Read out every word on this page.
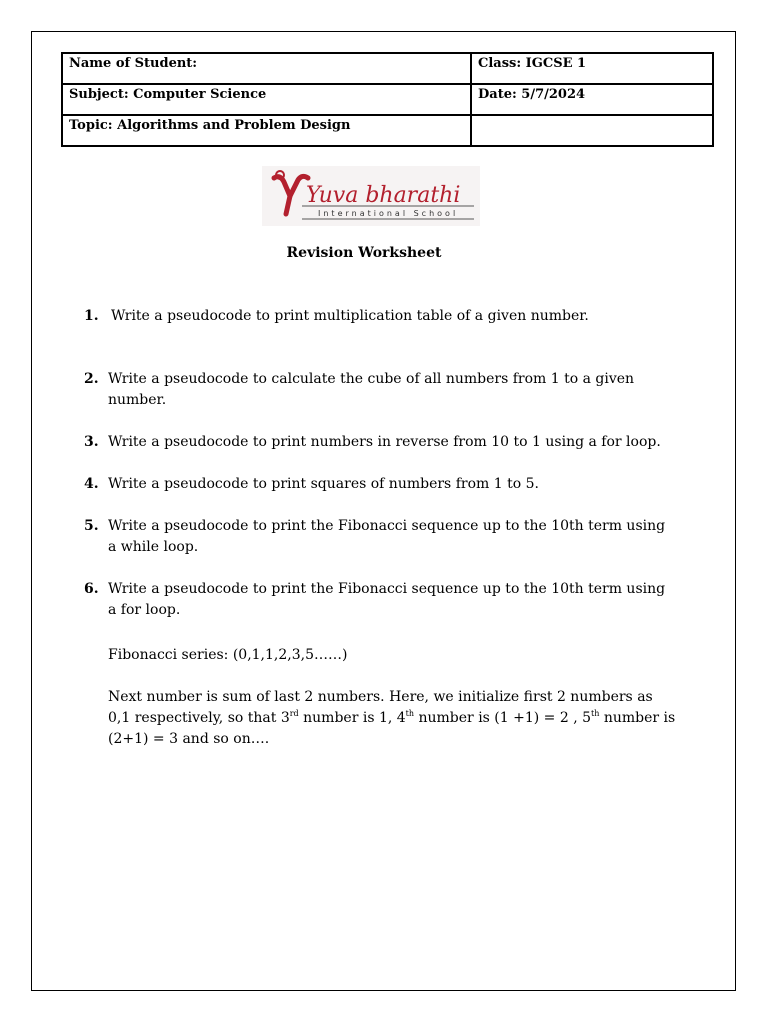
Name of Student:	Class: IGCSE 1
Subject: Computer Science	Date: 5/7/2024
Topic: Algorithms and Problem Design	
Yuva bharathi
International School
Revision Worksheet
1. Write a pseudocode to print multiplication table of a given number.
2. Write a pseudocode to calculate the cube of all numbers from 1 to a given number.
3. Write a pseudocode to print numbers in reverse from 10 to 1 using a for loop.
4. Write a pseudocode to print squares of numbers from 1 to 5.
5. Write a pseudocode to print the Fibonacci sequence up to the 10th term using a while loop.
6. Write a pseudocode to print the Fibonacci sequence up to the 10th term using a for loop.
Fibonacci series: (0,1,1,2,3,5……)
Next number is sum of last 2 numbers. Here, we initialize first 2 numbers as 0,1 respectively, so that 3rd number is 1, 4th number is (1 +1) = 2 , 5th number is (2+1) = 3 and so on….
